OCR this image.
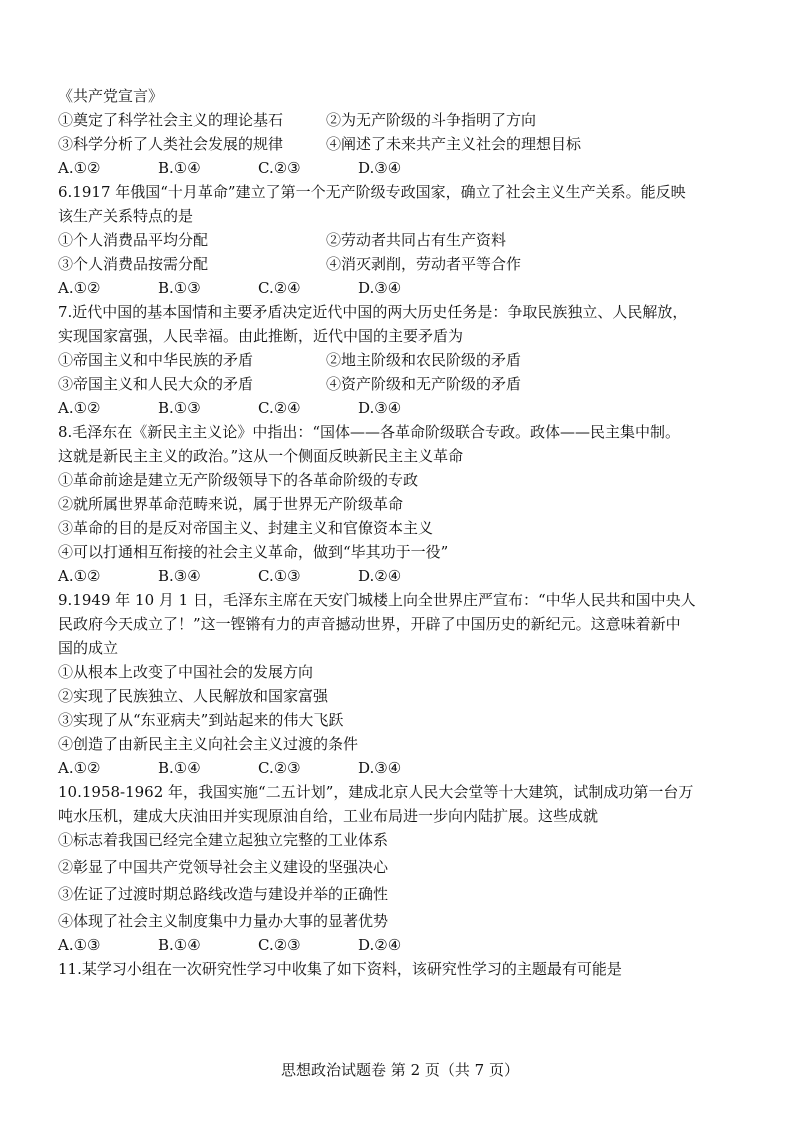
《共产党宣言》
①奠定了科学社会主义的理论基石	②为无产阶级的斗争指明了方向
③科学分析了人类社会发展的规律	④阐述了未来共产主义社会的理想目标
A.①②	B.①④	C.②③	D.③④
6.1917 年俄国“十月革命”建立了第一个无产阶级专政国家，确立了社会主义生产关系。能反映
该生产关系特点的是
①个人消费品平均分配	②劳动者共同占有生产资料
③个人消费品按需分配	④消灭剥削，劳动者平等合作
A.①②	B.①③	C.②④	D.③④
7.近代中国的基本国情和主要矛盾决定近代中国的两大历史任务是：争取民族独立、人民解放，
实现国家富强，人民幸福。由此推断，近代中国的主要矛盾为
①帝国主义和中华民族的矛盾	②地主阶级和农民阶级的矛盾
③帝国主义和人民大众的矛盾	④资产阶级和无产阶级的矛盾
A.①②	B.①③	C.②④	D.③④
8.毛泽东在《新民主主义论》中指出：“国体——各革命阶级联合专政。政体——民主集中制。
这就是新民主主义的政治。”这从一个侧面反映新民主主义革命
①革命前途是建立无产阶级领导下的各革命阶级的专政
②就所属世界革命范畴来说，属于世界无产阶级革命
③革命的目的是反对帝国主义、封建主义和官僚资本主义
④可以打通相互衔接的社会主义革命，做到“毕其功于一役”
A.①②	B.③④	C.①③	D.②④
9.1949 年 10 月 1 日，毛泽东主席在天安门城楼上向全世界庄严宣布：“中华人民共和国中央人
民政府今天成立了！”这一铿锵有力的声音撼动世界，开辟了中国历史的新纪元。这意味着新中
国的成立
①从根本上改变了中国社会的发展方向
②实现了民族独立、人民解放和国家富强
③实现了从“东亚病夫”到站起来的伟大飞跃
④创造了由新民主主义向社会主义过渡的条件
A.①②	B.①④	C.②③	D.③④
10.1958-1962 年，我国实施“二五计划”，建成北京人民大会堂等十大建筑，试制成功第一台万
吨水压机，建成大庆油田并实现原油自给，工业布局进一步向内陆扩展。这些成就
①标志着我国已经完全建立起独立完整的工业体系
②彰显了中国共产党领导社会主义建设的坚强决心
③佐证了过渡时期总路线改造与建设并举的正确性
④体现了社会主义制度集中力量办大事的显著优势
A.①③	B.①④	C.②③	D.②④
11.某学习小组在一次研究性学习中收集了如下资料，该研究性学习的主题最有可能是
思想政治试题卷 第 2 页（共 7 页）
